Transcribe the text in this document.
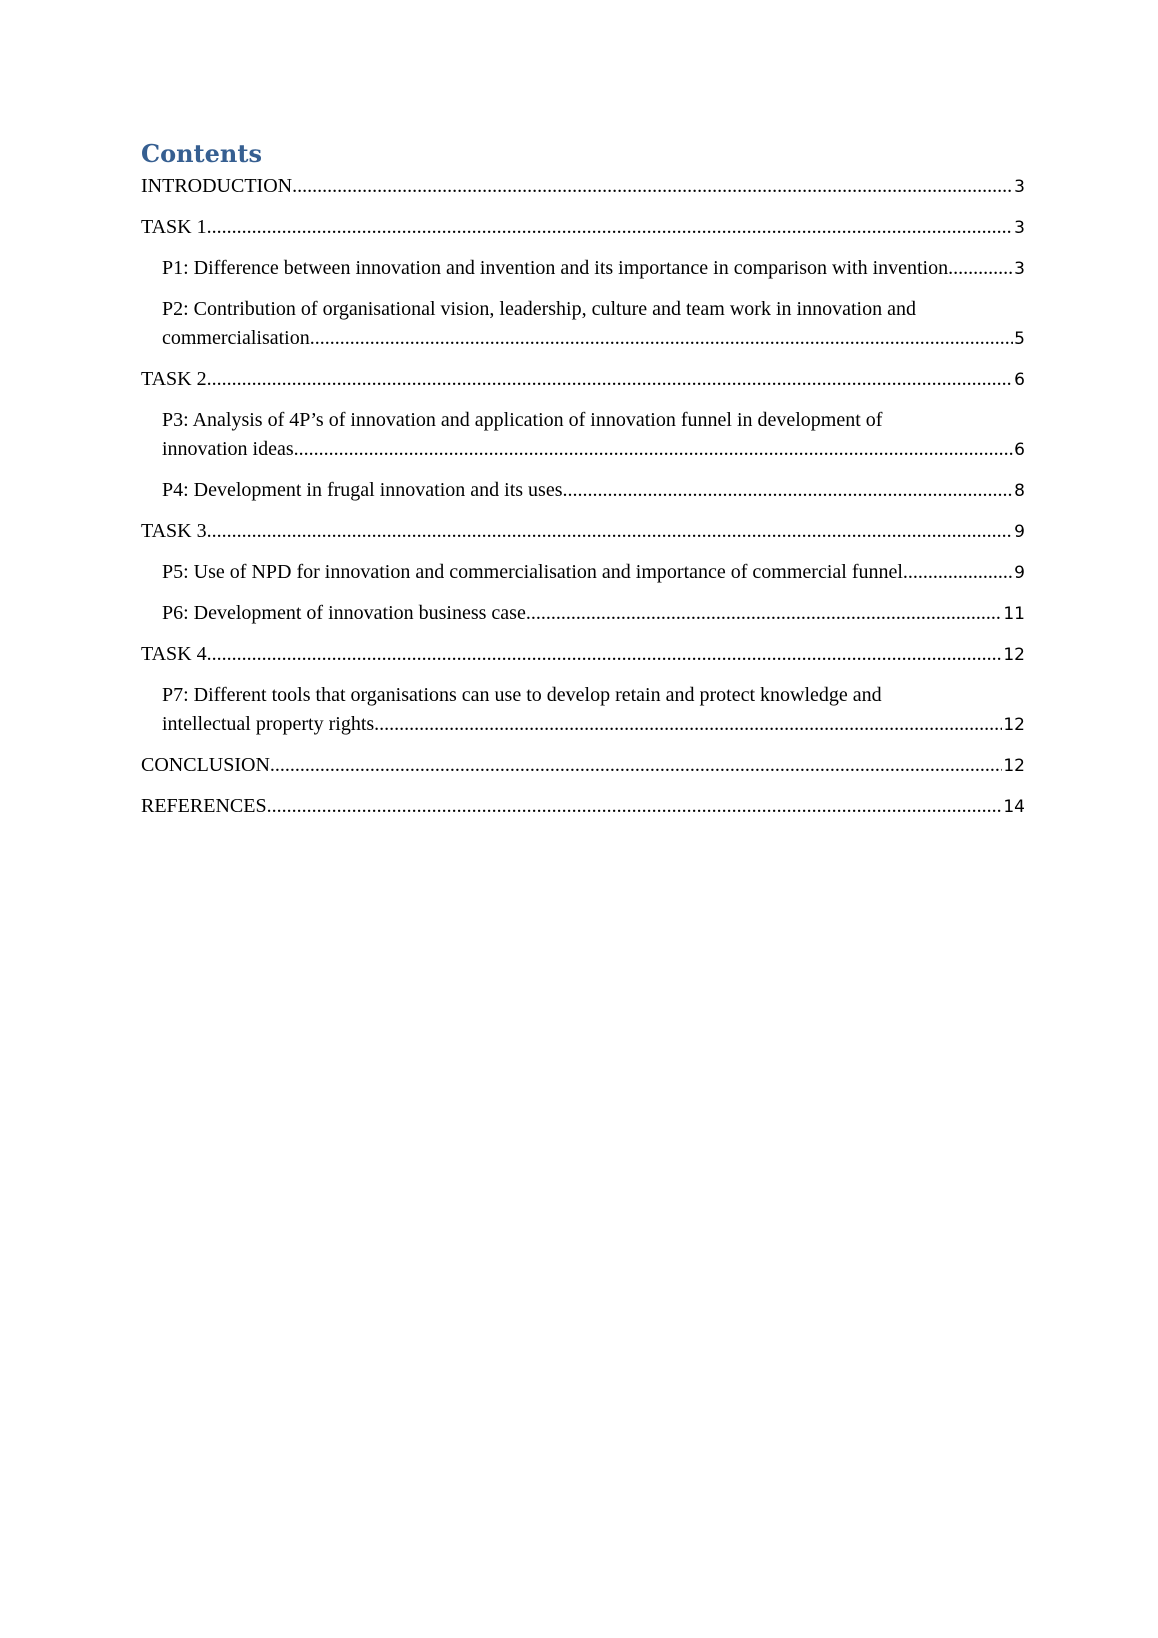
Contents
INTRODUCTION .....	3
TASK 1 .....	3
P1: Difference between innovation and invention and its importance in comparison with invention .....	3
P2: Contribution of organisational vision, leadership, culture and team work in innovation and
commercialisation .....	5
TASK 2 .....	6
P3: Analysis of 4P’s of innovation and application of innovation funnel in development of
innovation ideas .....	6
P4: Development in frugal innovation and its uses .....	8
TASK 3 .....	9
P5: Use of NPD for innovation and commercialisation and importance of commercial funnel .....	9
P6: Development of innovation business case .....	11
TASK 4 .....	12
P7: Different tools that organisations can use to develop retain and protect knowledge and
intellectual property rights .....	12
CONCLUSION .....	12
REFERENCES .....	14
